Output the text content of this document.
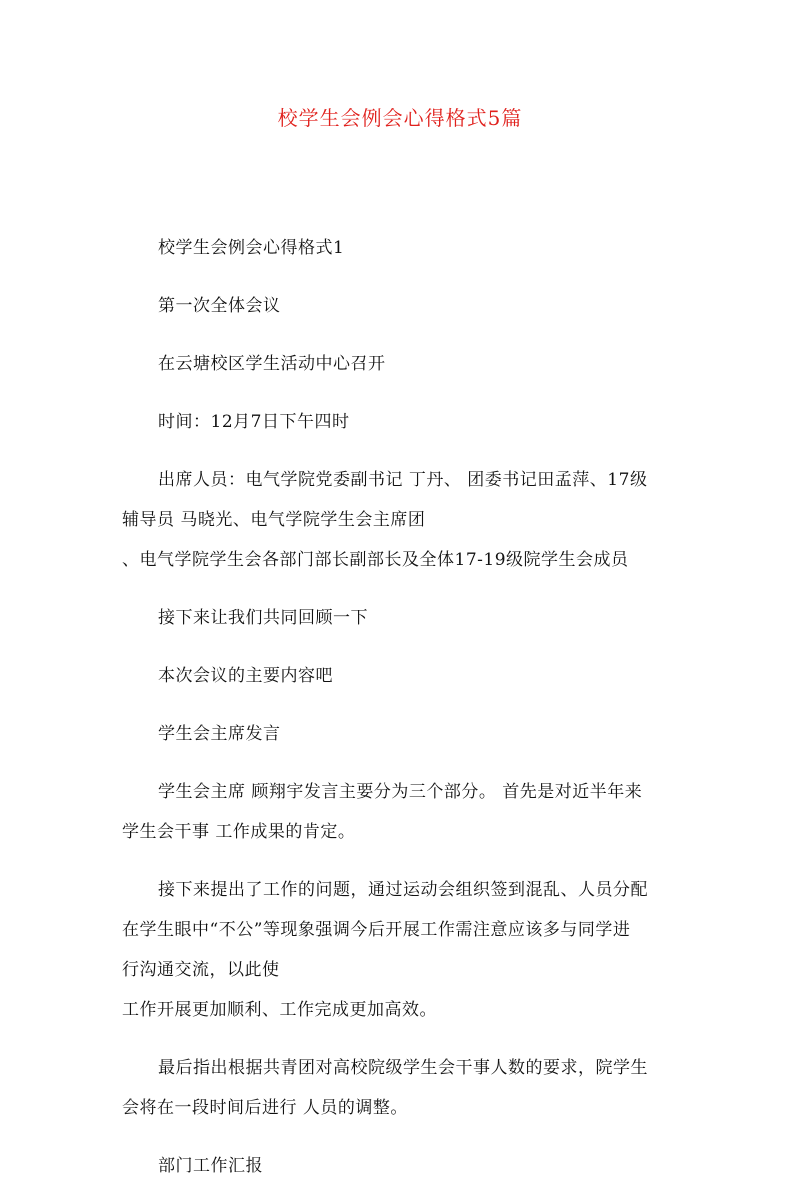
校学生会例会心得格式5篇

校学生会例会心得格式1

第一次全体会议

在云塘校区学生活动中心召开

时间：12月7日下午四时

出席人员：电气学院党委副书记 丁丹、 团委书记田孟萍、17级
辅导员 马晓光、电气学院学生会主席团
、电气学院学生会各部门部长副部长及全体17-19级院学生会成员

接下来让我们共同回顾一下

本次会议的主要内容吧

学生会主席发言

学生会主席 顾翔宇发言主要分为三个部分。 首先是对近半年来
学生会干事 工作成果的肯定。

接下来提出了工作的问题，通过运动会组织签到混乱、人员分配
在学生眼中“不公”等现象强调今后开展工作需注意应该多与同学进
行沟通交流，以此使
工作开展更加顺利、工作完成更加高效。

最后指出根据共青团对高校院级学生会干事人数的要求，院学生
会将在一段时间后进行 人员的调整。

部门工作汇报
